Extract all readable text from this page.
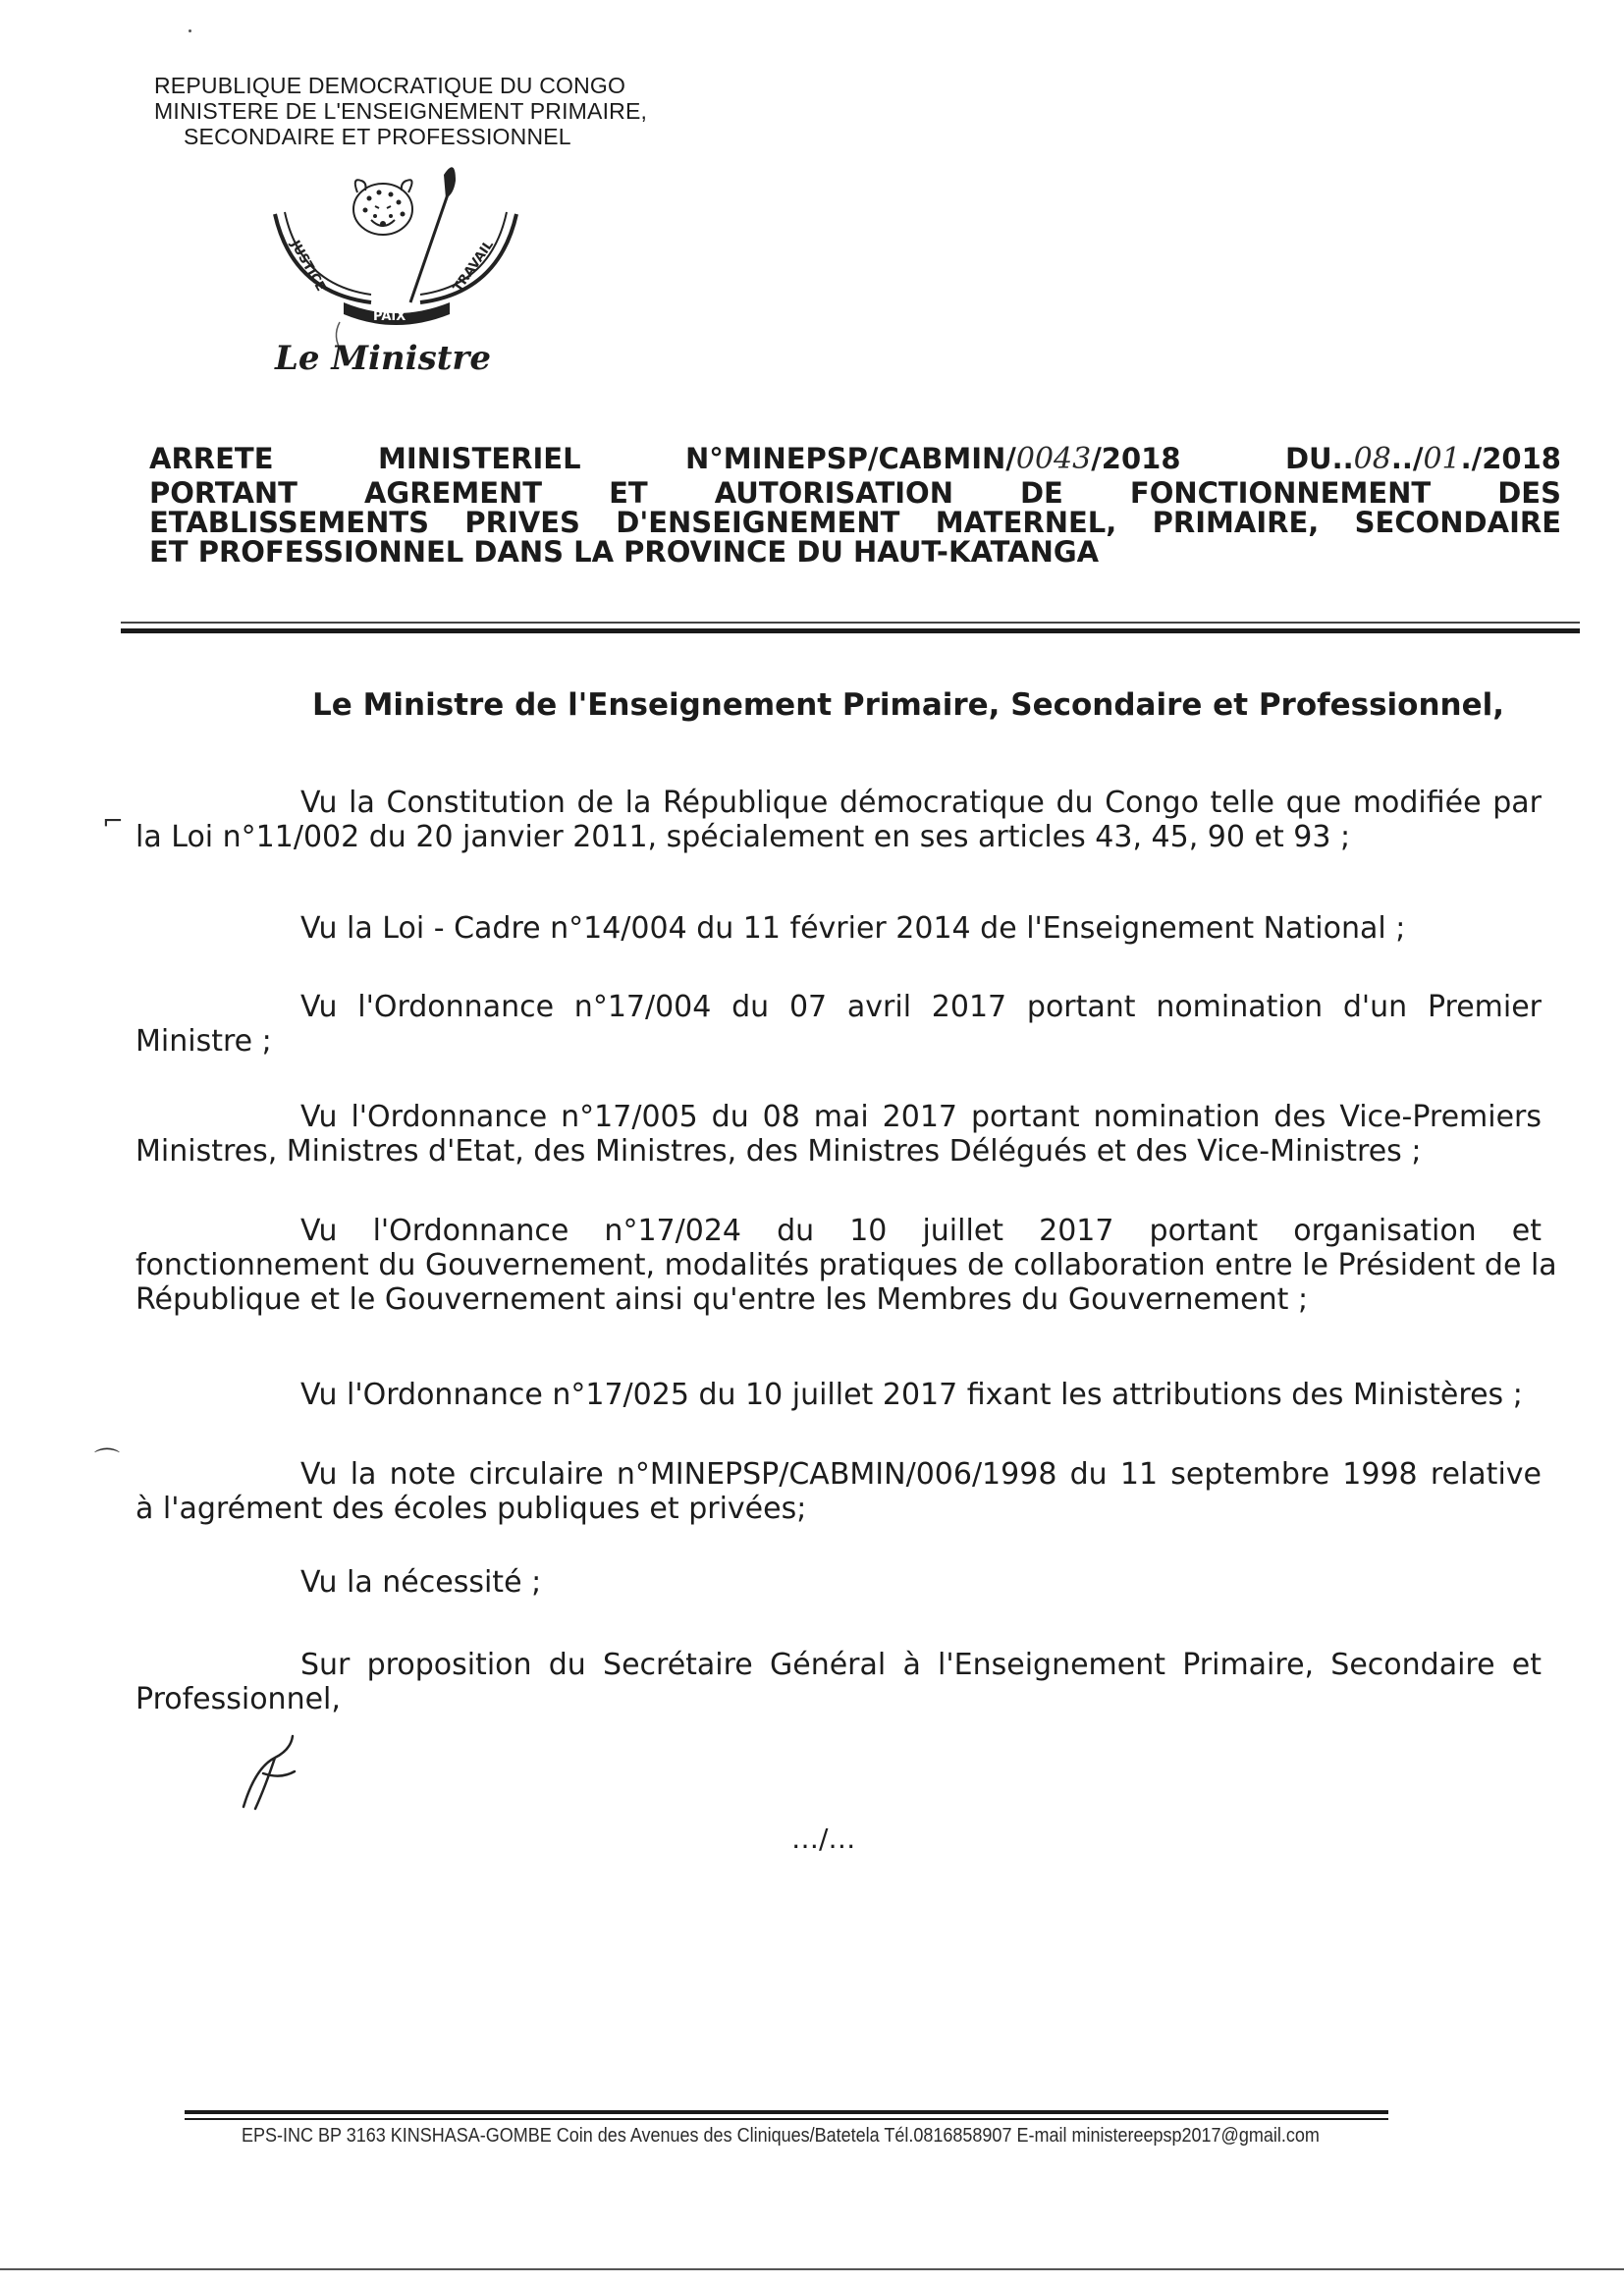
REPUBLIQUE DEMOCRATIQUE DU CONGO
MINISTERE DE L'ENSEIGNEMENT PRIMAIRE,
SECONDAIRE ET PROFESSIONNEL
JUSTICE
PAIX
TRAVAIL
Le Ministre
ARRETE	MINISTERIEL	N°MINEPSP/CABMIN/0043/2018	DU..08../01./2018
PORTANT AGREMENT ET AUTORISATION DE FONCTIONNEMENT DES
ETABLISSEMENTS PRIVES D'ENSEIGNEMENT MATERNEL, PRIMAIRE, SECONDAIRE
ET PROFESSIONNEL DANS LA PROVINCE DU HAUT-KATANGA
Le Ministre de l'Enseignement Primaire, Secondaire et Professionnel,
Vu la Constitution de la République démocratique du Congo telle que modifiée par
la Loi n°11/002 du 20 janvier 2011, spécialement en ses articles 43, 45, 90 et 93 ;
⌐
Vu la Loi - Cadre n°14/004 du 11 février 2014 de l'Enseignement National ;
Vu l'Ordonnance n°17/004 du 07 avril 2017 portant nomination d'un Premier
Ministre ;
Vu l'Ordonnance n°17/005 du 08 mai 2017 portant nomination des Vice-Premiers
Ministres, Ministres d'Etat, des Ministres, des Ministres Délégués et des Vice-Ministres ;
Vu l'Ordonnance n°17/024 du 10 juillet 2017 portant organisation et
fonctionnement du Gouvernement, modalités pratiques de collaboration entre le Président de la
République et le Gouvernement ainsi qu'entre les Membres du Gouvernement ;
Vu l'Ordonnance n°17/025 du 10 juillet 2017 fixant les attributions des Ministères ;
⌒	Vu la note circulaire n°MINEPSP/CABMIN/006/1998 du 11 septembre 1998 relative
à l'agrément des écoles publiques et privées;
Vu la nécessité ;
Sur proposition du Secrétaire Général à l'Enseignement Primaire, Secondaire et
Professionnel,
…/…
EPS-INC BP 3163 KINSHASA-GOMBE Coin des Avenues des Cliniques/Batetela Tél.0816858907 E-mail ministereepsp2017@gmail.com
